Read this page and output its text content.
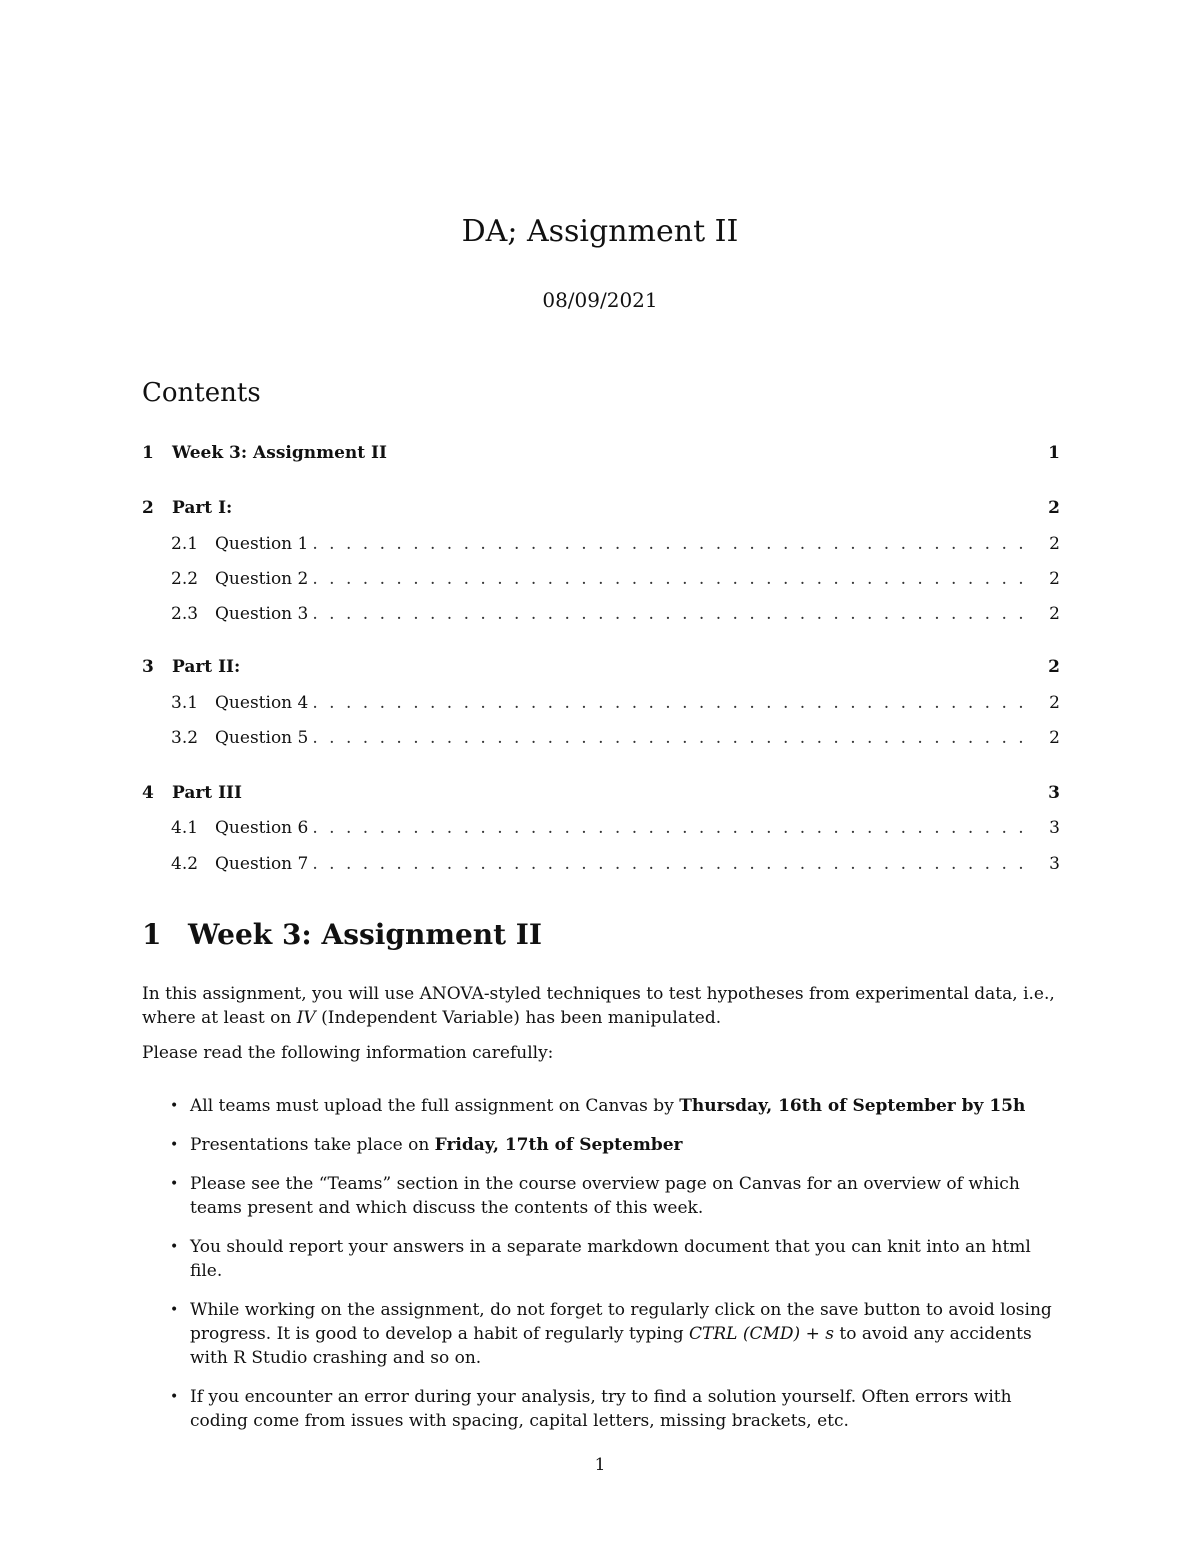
DA; Assignment II
08/09/2021
Contents
1	Week 3: Assignment II	1
2	Part I:	2
2.1 Question 1 . . .	2
2.2 Question 2 . . .	2
2.3 Question 3 . . .	2
3	Part II:	2
3.1 Question 4 . . .	2
3.2 Question 5 . . .	2
4	Part III	3
4.1 Question 6 . . .	3
4.2 Question 7 . . .	3
1 Week 3: Assignment II

In this assignment, you will use ANOVA-styled techniques to test hypotheses from experimental data, i.e., where at least on IV (Independent Variable) has been manipulated.

Please read the following information carefully:

• All teams must upload the full assignment on Canvas by Thursday, 16th of September by 15h
• Presentations take place on Friday, 17th of September
• Please see the “Teams” section in the course overview page on Canvas for an overview of which teams present and which discuss the contents of this week.
• You should report your answers in a separate markdown document that you can knit into an html file.
• While working on the assignment, do not forget to regularly click on the save button to avoid losing progress. It is good to develop a habit of regularly typing CTRL (CMD) + s to avoid any accidents with R Studio crashing and so on.
• If you encounter an error during your analysis, try to find a solution yourself. Often errors with coding come from issues with spacing, capital letters, missing brackets, etc.
1
